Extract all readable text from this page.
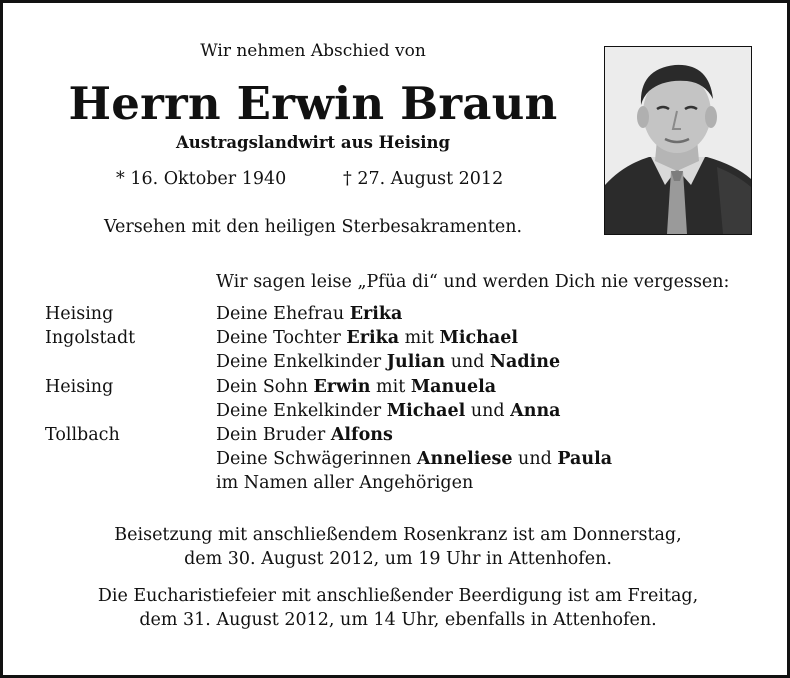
Wir nehmen Abschied von
Herrn Erwin Braun
Austragslandwirt aus Heising
* 16. Oktober 1940	† 27. August 2012
Versehen mit den heiligen Sterbesakramenten.
Wir sagen leise „Pfüa di“ und werden Dich nie vergessen:
Heising	Deine Ehefrau Erika
Ingolstadt	Deine Tochter Erika mit Michael
Deine Enkelkinder Julian und Nadine
Heising	Dein Sohn Erwin mit Manuela
Deine Enkelkinder Michael und Anna
Tollbach	Dein Bruder Alfons
Deine Schwägerinnen Anneliese und Paula
im Namen aller Angehörigen
Beisetzung mit anschließendem Rosenkranz ist am Donnerstag,
dem 30. August 2012, um 19 Uhr in Attenhofen.
Die Eucharistiefeier mit anschließender Beerdigung ist am Freitag,
dem 31. August 2012, um 14 Uhr, ebenfalls in Attenhofen.
